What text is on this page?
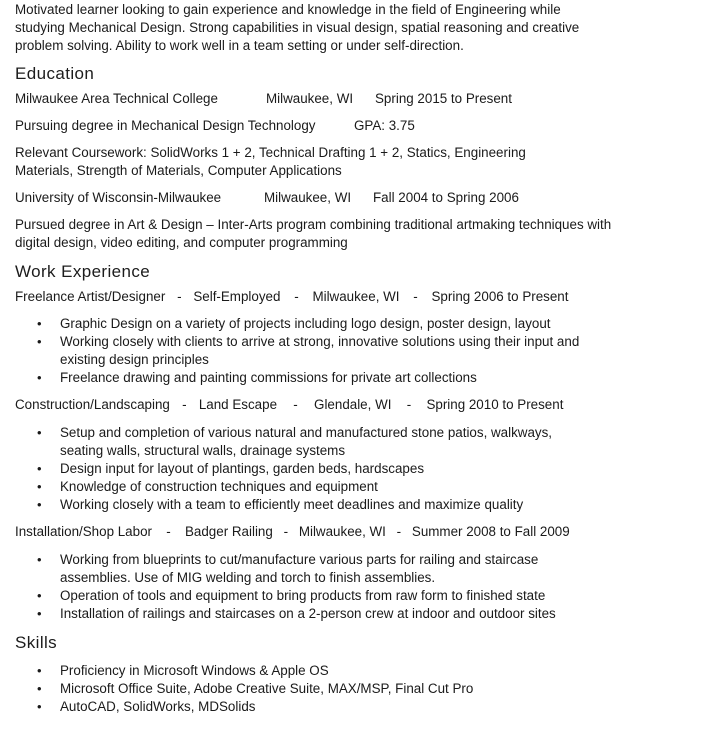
Motivated learner looking to gain experience and knowledge in the field of Engineering while studying Mechanical Design. Strong capabilities in visual design, spatial reasoning and creative problem solving. Ability to work well in a team setting or under self-direction.

Education
Milwaukee Area Technical College	Milwaukee, WI	Spring 2015 to Present
Pursuing degree in Mechanical Design Technology	GPA: 3.75

Relevant Coursework: SolidWorks 1 + 2, Technical Drafting 1 + 2, Statics, Engineering Materials, Strength of Materials, Computer Applications

University of Wisconsin-Milwaukee	Milwaukee, WI	Fall 2004 to Spring 2006

Pursued degree in Art & Design – Inter-Arts program combining traditional artmaking techniques with digital design, video editing, and computer programming

Work Experience
Freelance Artist/Designer - Self-Employed - Milwaukee, WI - Spring 2006 to Present
• Graphic Design on a variety of projects including logo design, poster design, layout
• Working closely with clients to arrive at strong, innovative solutions using their input and existing design principles
• Freelance drawing and painting commissions for private art collections
Construction/Landscaping - Land Escape - Glendale, WI - Spring 2010 to Present
• Setup and completion of various natural and manufactured stone patios, walkways, seating walls, structural walls, drainage systems
• Design input for layout of plantings, garden beds, hardscapes
• Knowledge of construction techniques and equipment
• Working closely with a team to efficiently meet deadlines and maximize quality
Installation/Shop Labor - Badger Railing - Milwaukee, WI - Summer 2008 to Fall 2009
• Working from blueprints to cut/manufacture various parts for railing and staircase assemblies. Use of MIG welding and torch to finish assemblies.
• Operation of tools and equipment to bring products from raw form to finished state
• Installation of railings and staircases on a 2-person crew at indoor and outdoor sites
Skills
• Proficiency in Microsoft Windows & Apple OS
• Microsoft Office Suite, Adobe Creative Suite, MAX/MSP, Final Cut Pro
• AutoCAD, SolidWorks, MDSolids
